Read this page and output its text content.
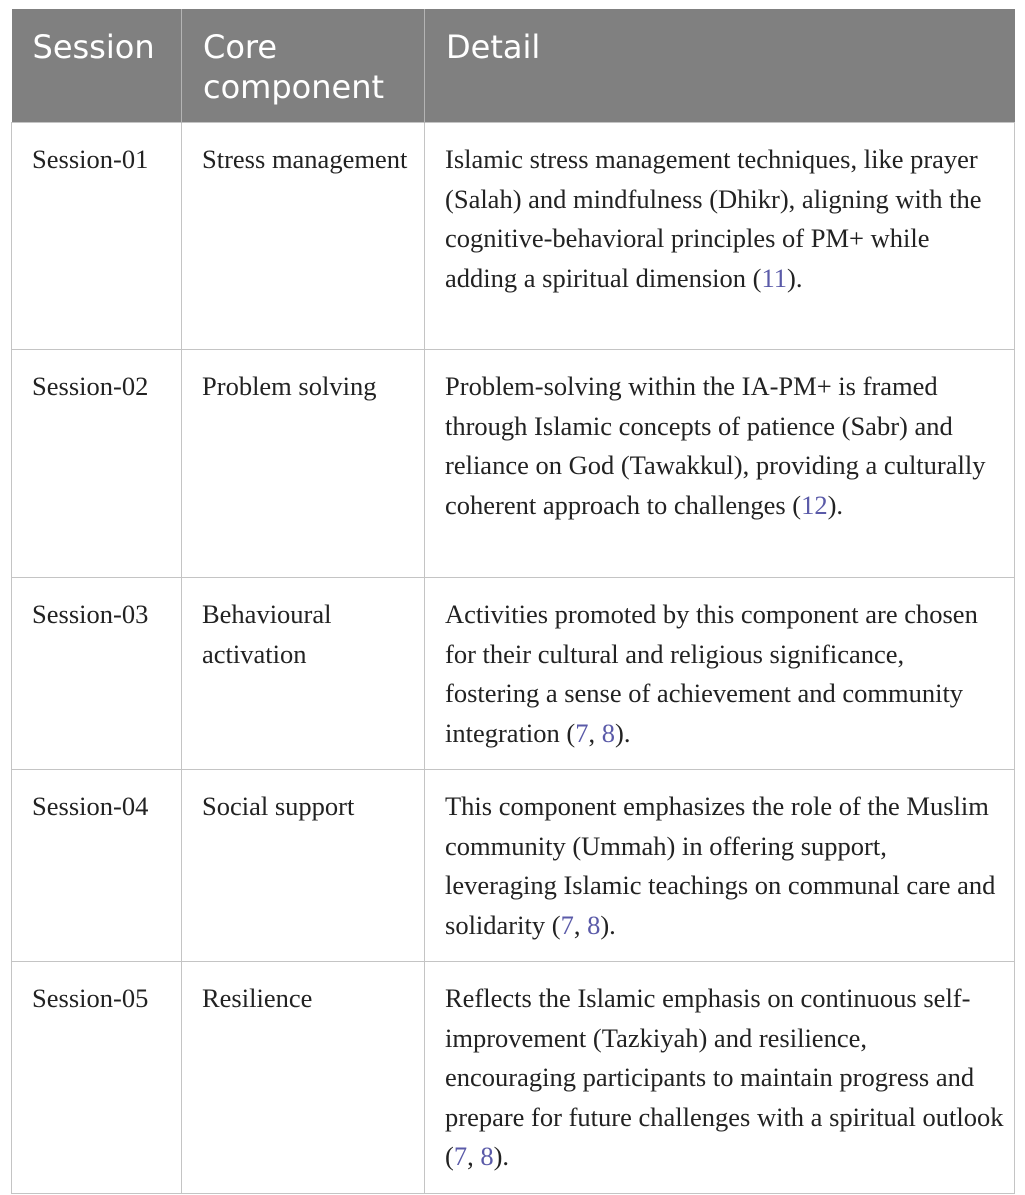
Session	Core component	Detail
Session-01	Stress management	Islamic stress management techniques, like prayer (Salah) and mindfulness (Dhikr), aligning with the cognitive-behavioral principles of PM+ while adding a spiritual dimension (11).
Session-02	Problem solving	Problem-solving within the IA-PM+ is framed through Islamic concepts of patience (Sabr) and reliance on God (Tawakkul), providing a culturally coherent approach to challenges (12).
Session-03	Behavioural activation	Activities promoted by this component are chosen for their cultural and religious significance, fostering a sense of achievement and community integration (7, 8).
Session-04	Social support	This component emphasizes the role of the Muslim community (Ummah) in offering support, leveraging Islamic teachings on communal care and solidarity (7, 8).
Session-05	Resilience	Reflects the Islamic emphasis on continuous self-improvement (Tazkiyah) and resilience, encouraging participants to maintain progress and prepare for future challenges with a spiritual outlook (7, 8).
